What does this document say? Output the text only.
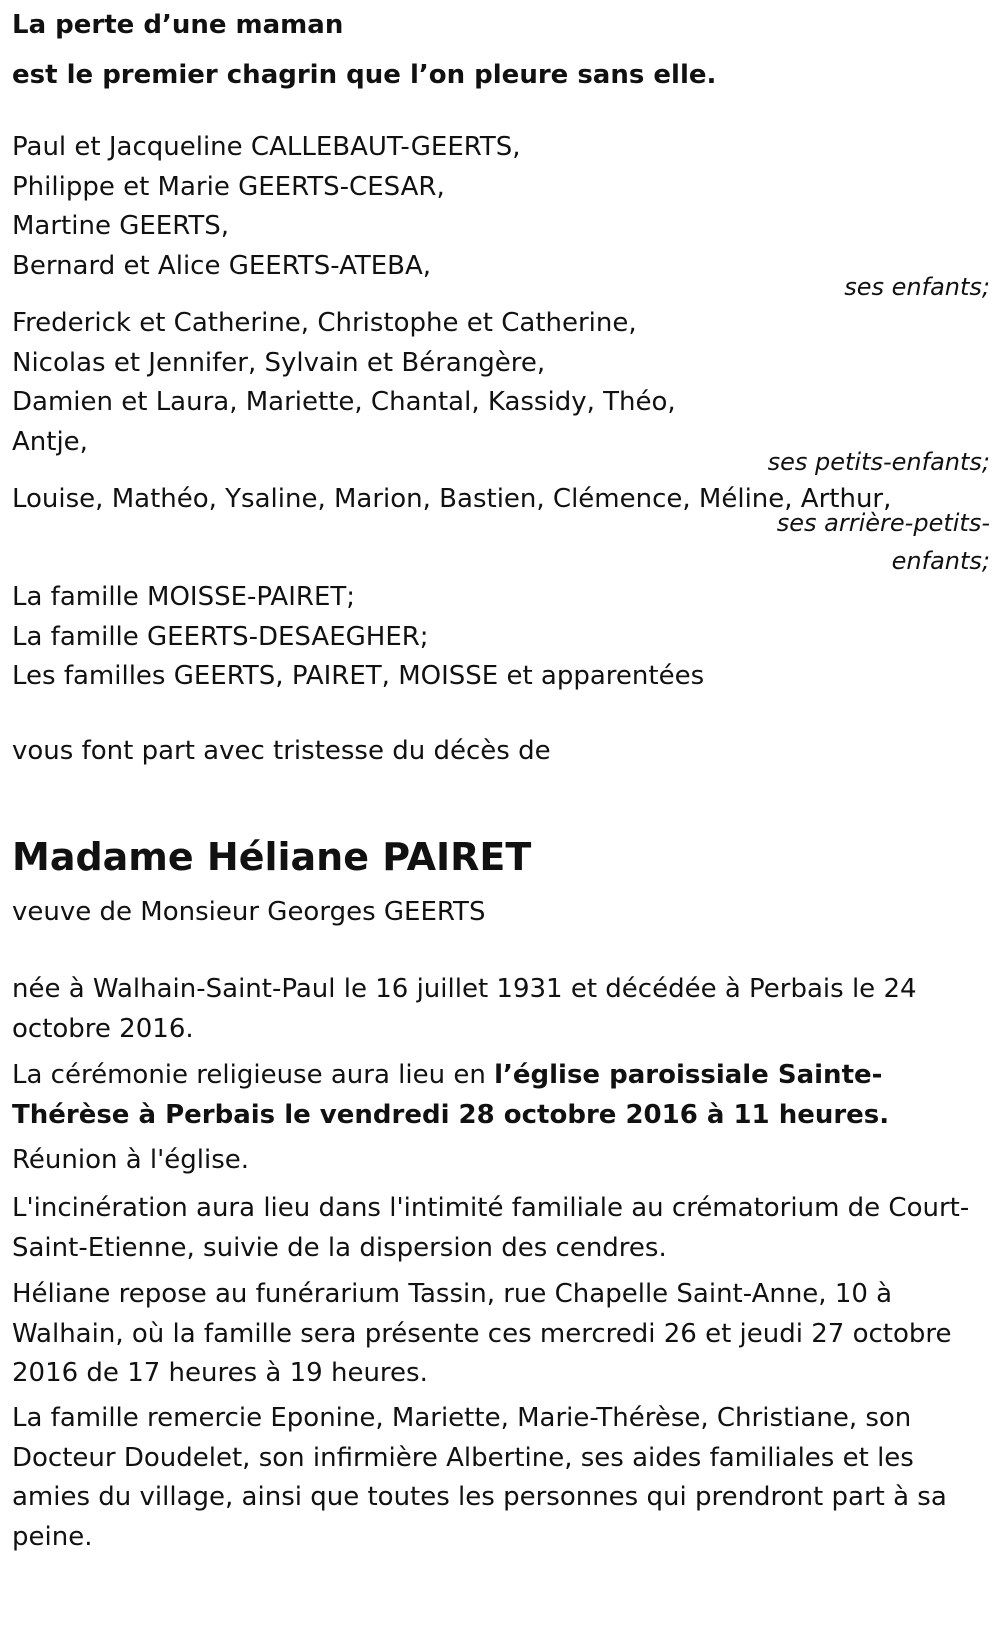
La perte d’une maman
est le premier chagrin que l’on pleure sans elle.
Paul et Jacqueline CALLEBAUT-GEERTS,
Philippe et Marie GEERTS-CESAR,
Martine GEERTS,
Bernard et Alice GEERTS-ATEBA,
ses enfants;
Frederick et Catherine, Christophe et Catherine,
Nicolas et Jennifer, Sylvain et Bérangère,
Damien et Laura, Mariette, Chantal, Kassidy, Théo,
Antje,
ses petits-enfants;
Louise, Mathéo, Ysaline, Marion, Bastien, Clémence, Méline, Arthur,
ses arrière-petits-
enfants;
La famille MOISSE-PAIRET;
La famille GEERTS-DESAEGHER;
Les familles GEERTS, PAIRET, MOISSE et apparentées
vous font part avec tristesse du décès de
Madame Héliane PAIRET
veuve de Monsieur Georges GEERTS
née à Walhain-Saint-Paul le 16 juillet 1931 et décédée à Perbais le 24 octobre 2016.
La cérémonie religieuse aura lieu en l’église paroissiale Sainte-Thérèse à Perbais le vendredi 28 octobre 2016 à 11 heures.
Réunion à l'église.
L'incinération aura lieu dans l'intimité familiale au crématorium de Court-Saint-Etienne, suivie de la dispersion des cendres.
Héliane repose au funérarium Tassin, rue Chapelle Saint-Anne, 10 à Walhain, où la famille sera présente ces mercredi 26 et jeudi 27 octobre 2016 de 17 heures à 19 heures.
La famille remercie Eponine, Mariette, Marie-Thérèse, Christiane, son Docteur Doudelet, son infirmière Albertine, ses aides familiales et les amies du village, ainsi que toutes les personnes qui prendront part à sa peine.
